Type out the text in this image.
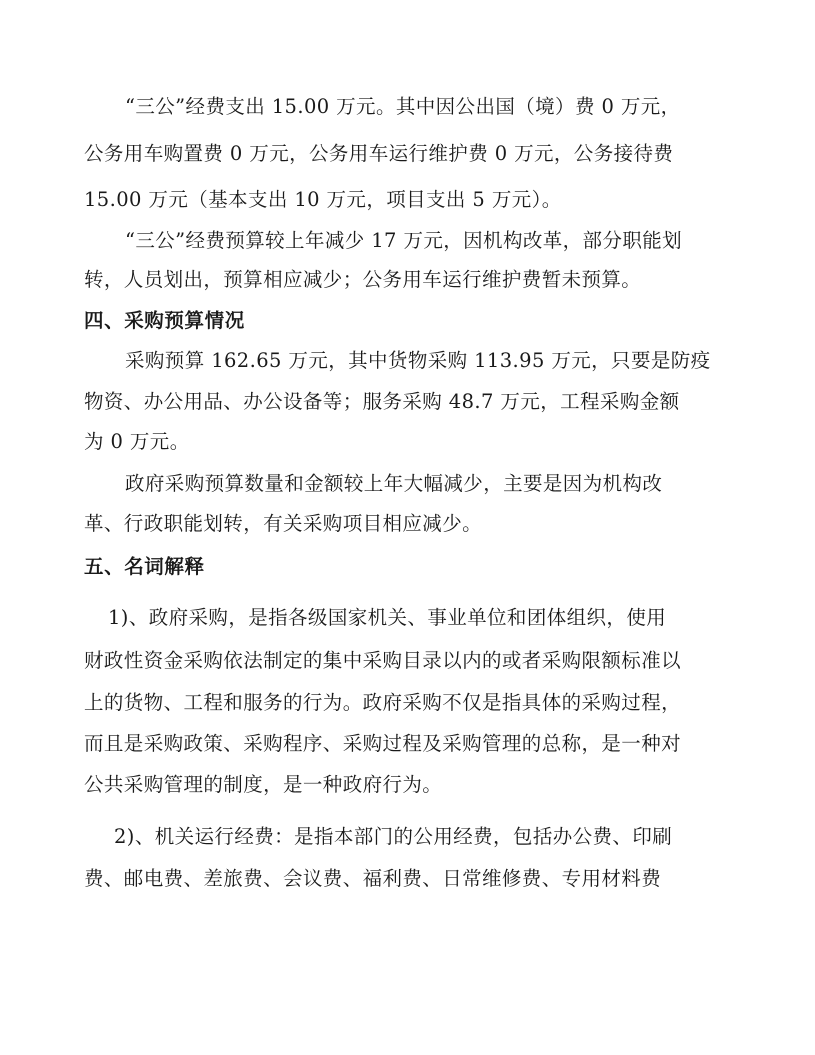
“三公”经费支出 15.00 万元。其中因公出国（境）费 0 万元，
公务用车购置费 0 万元，公务用车运行维护费 0 万元，公务接待费
15.00 万元（基本支出 10 万元，项目支出 5 万元）。
“三公”经费预算较上年减少 17 万元，因机构改革，部分职能划
转，人员划出，预算相应减少；公务用车运行维护费暂未预算。
四、采购预算情况
采购预算 162.65 万元，其中货物采购 113.95 万元，只要是防疫
物资、办公用品、办公设备等；服务采购 48.7 万元，工程采购金额
为 0 万元。
政府采购预算数量和金额较上年大幅减少，主要是因为机构改
革、行政职能划转，有关采购项目相应减少。
五、名词解释
1)、政府采购，是指各级国家机关、事业单位和团体组织，使用
财政性资金采购依法制定的集中采购目录以内的或者采购限额标准以
上的货物、工程和服务的行为。政府采购不仅是指具体的采购过程，
而且是采购政策、采购程序、采购过程及采购管理的总称，是一种对
公共采购管理的制度，是一种政府行为。
2)、机关运行经费：是指本部门的公用经费，包括办公费、印刷
费、邮电费、差旅费、会议费、福利费、日常维修费、专用材料费
